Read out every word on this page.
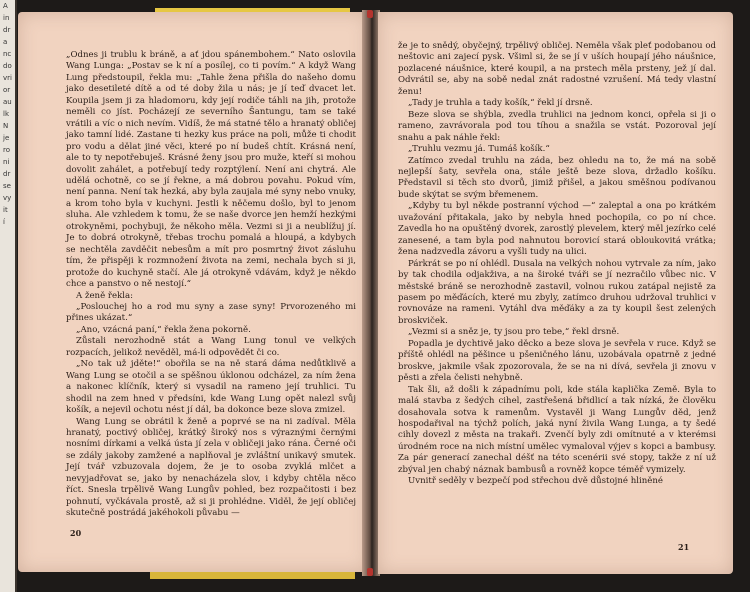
A
in
dr
a
nc
do
vri
or
au
lk
N
je
ro
ni
dr
se
vy
it
í

„Odnes ji trublu k bráně, a ať jdou spánembohem.“ Nato oslovila Wang Lunga: „Postav se k ní a posílej, co ti povím.“ A když Wang Lung předstoupil, řekla mu: „Tahle žena přišla do našeho domu jako desetileté dítě a od té doby žila u nás; je jí teď dvacet let. Koupila jsem ji za hladomoru, kdy její rodiče táhli na jih, protože neměli co jíst. Pocházejí ze severního Šantungu, tam se také vrátili a víc o nich nevím. Vidíš, že má statné tělo a hranatý obličej jako tamní lidé. Zastane ti hezky kus práce na poli, může ti chodit pro vodu a dělat jiné věci, které po ní budeš chtít. Krásná není, ale to ty nepotřebuješ. Krásné ženy jsou pro muže, kteří si mohou dovolit zahálet, a potřebují tedy rozptýlení. Není ani chytrá. Ale udělá ochotně, co se jí řekne, a má dobrou povahu. Pokud vím, není panna. Není tak hezká, aby byla zaujala mé syny nebo vnuky, a krom toho byla v kuchyni. Jestli k něčemu došlo, byl to jenom sluha. Ale vzhledem k tomu, že se naše dvorce jen hemží hezkými otrokyněmi, pochybuji, že někoho měla. Vezmi si ji a neublížuj jí. Je to dobrá otrokyně, třebas trochu pomalá a hloupá, a kdybych se nechtěla zavděčit nebesům a mít pro posmrtný život zásluhu tím, že přispěji k rozmnožení života na zemi, nechala bych si ji, protože do kuchyně stačí. Ale já otrokyně vdávám, když je někdo chce a panstvo o ně nestojí.“

A ženě řekla:

„Poslouchej ho a rod mu syny a zase syny! Prvorozeného mi přines ukázat.“

„Ano, vzácná paní,“ řekla žena pokorně.

Zůstali nerozhodně stát a Wang Lung tonul ve velkých rozpacích, jelikož nevěděl, má-li odpovědět či co.

„No tak už jděte!“ obořila se na ně stará dáma nedůtklivě a Wang Lung se otočil a se spěšnou úklonou odcházel, za ním žena a nakonec klíčník, který si vysadil na rameno její truhlici. Tu shodil na zem hned v předsíni, kde Wang Lung opět nalezl svůj košík, a nejevil ochotu nést jí dál, ba dokonce beze slova zmizel.

Wang Lung se obrátil k ženě a poprvé se na ni zadíval. Měla hranatý, poctivý obličej, krátký široký nos s výraznými černými nosními dírkami a velká ústa jí zela v obličeji jako rána. Černé oči se zdály jakoby zamžené a naplňoval je zvláštní unikavý smutek. Její tvář vzbuzovala dojem, že je to osoba zvyklá mlčet a nevyjadřovat se, jako by nenacházela slov, i kdyby chtěla něco říct. Snesla trpělivě Wang Lungův pohled, bez rozpačitosti i bez pohnutí, vyčkávala prostě, až si ji prohlédne. Viděl, že její obličej skutečně postrádá jakéhokoli půvabu —

20

že je to snědý, obyčejný, trpělivý obličej. Neměla však pleť podobanou od neštovic ani zajecí pysk. Všiml si, že se jí v uších houpají jého náušnice, pozlacené náušnice, které koupil, a na prstech měla prsteny, jež jí dal. Odvrátil se, aby na sobě nedal znát radostné vzrušení. Má tedy vlastní ženu!

„Tady je truhla a tady košík,“ řekl jí drsně.

Beze slova se shýbla, zvedla truhlici na jednom konci, opřela si ji o rameno, zavrávorala pod tou tíhou a snažila se vstát. Pozoroval její snahu a pak náhle řekl:

„Truhlu vezmu já. Tumáš košík.“

Zatímco zvedal truhlu na záda, bez ohledu na to, že má na sobě nejlepší šaty, sevřela ona, stále ještě beze slova, držadlo košíku. Představil si těch sto dvorů, jimiž přišel, a jakou směšnou podívanou bude skýtat se svým břemenem.

„Kdyby tu byl někde postranní východ —“ zaleptal a ona po krátkém uvažování přitakala, jako by nebyla hned pochopila, co po ní chce. Zavedla ho na opuštěný dvorek, zarostlý plevelem, který měl jezírko celé zanesené, a tam byla pod nahnutou borovicí stará obloukovitá vrátka; žena nadzvedla závoru a vyšli tudy na ulici.

Párkrát se po ní ohlédl. Dusala na velkých nohou vytrvale za ním, jako by tak chodila odjakživa, a na široké tváři se jí nezračilo vůbec nic. V městské bráně se nerozhodně zastavil, volnou rukou zatápal nejistě za pasem po měďácích, které mu zbyly, zatímco druhou udržoval truhlici v rovnováze na rameni. Vytáhl dva měďáky a za ty koupil šest zelených broskviček.

„Vezmi si a sněz je, ty jsou pro tebe,“ řekl drsně.

Popadla je dychtivě jako děcko a beze slova je sevřela v ruce. Když se příště ohlédl na pěšince u pšeničného lánu, uzobávala opatrně z jedné broskve, jakmile však zpozorovala, že se na ni dívá, sevřela ji znovu v pěsti a zřela čelisti nehybně.

Tak šli, až došli k západnímu poli, kde stála kaplička Země. Byla to malá stavba z šedých cihel, zastřešená břidlicí a tak nízká, že člověku dosahovala sotva k ramenům. Vystavěl ji Wang Lungův děd, jenž hospodařival na týchž polích, jaká nyní živila Wang Lunga, a ty šedé cihly dovezl z města na trakaři. Zvenčí byly zdi omítnuté a v kterémsi úrodném roce na nich místní umělec vymaloval výjev s kopci a bambusy. Za pár generací zanechal déšť na této scenérii své stopy, takže z ní už zbýval jen chabý náznak bambusů a rovněž kopce téměř vymizely.

Uvnitř seděly v bezpečí pod střechou dvě důstojné hliněné

21
